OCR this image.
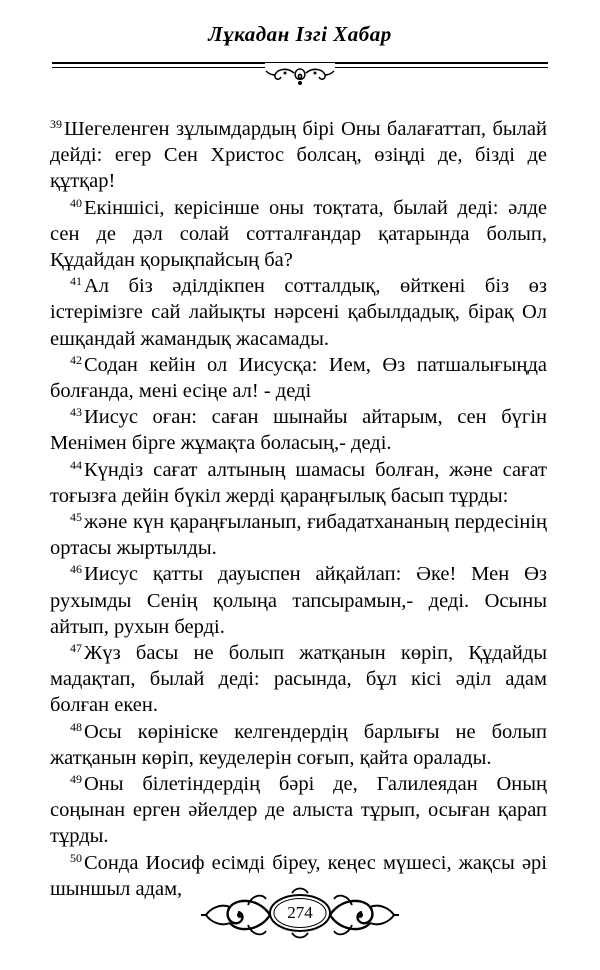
Лұкадан Ізгі Хабар

$^{39}$Шегеленген зұлымдардың бірі Оны балағаттап, былай дейді: егер Сен Христос болсаң, өзіңді де, бізді де құтқар!

$^{40}$Екіншісі, керісінше оны тоқтата, былай деді: әлде сен де дәл солай сотталғандар қатарында болып, Құдайдан қорықпайсың ба?

$^{41}$Ал біз әділдікпен сотталдық, өйткені біз өз істерімізге сай лайықты нәрсені қабылдадық, бірақ Ол ешқандай жамандық жасамады.

$^{42}$Содан кейін ол Иисусқа: Ием, Өз патшалығыңда болғанда, мені есіңе ал! - деді

$^{43}$Иисус оған: саған шынайы айтарым, сен бүгін Менімен бірге жұмақта боласың,- деді.

$^{44}$Күндіз сағат алтының шамасы болған, және сағат тоғызға дейін бүкіл жерді қараңғылық басып тұрды:

$^{45}$және күн қараңғыланып, ғибадатхананың пердесінің ортасы жыртылды.

$^{46}$Иисус қатты дауыспен айқайлап: Әке! Мен Өз рухымды Сенің қолыңа тапсырамын,- деді. Осыны айтып, рухын берді.

$^{47}$Жүз басы не болып жатқанын көріп, Құдайды мадақтап, былай деді: расында, бұл кісі әділ адам болған екен.

$^{48}$Осы көрініске келгендердің барлығы не болып жатқанын көріп, кеуделерін соғып, қайта оралады.

$^{49}$Оны білетіндердің бәрі де, Галилеядан Оның соңынан ерген әйелдер де алыста тұрып, осыған қарап тұрды.

$^{50}$Сонда Иосиф есімді біреу, кеңес мүшесі, жақсы әрі шыншыл адам,

274
